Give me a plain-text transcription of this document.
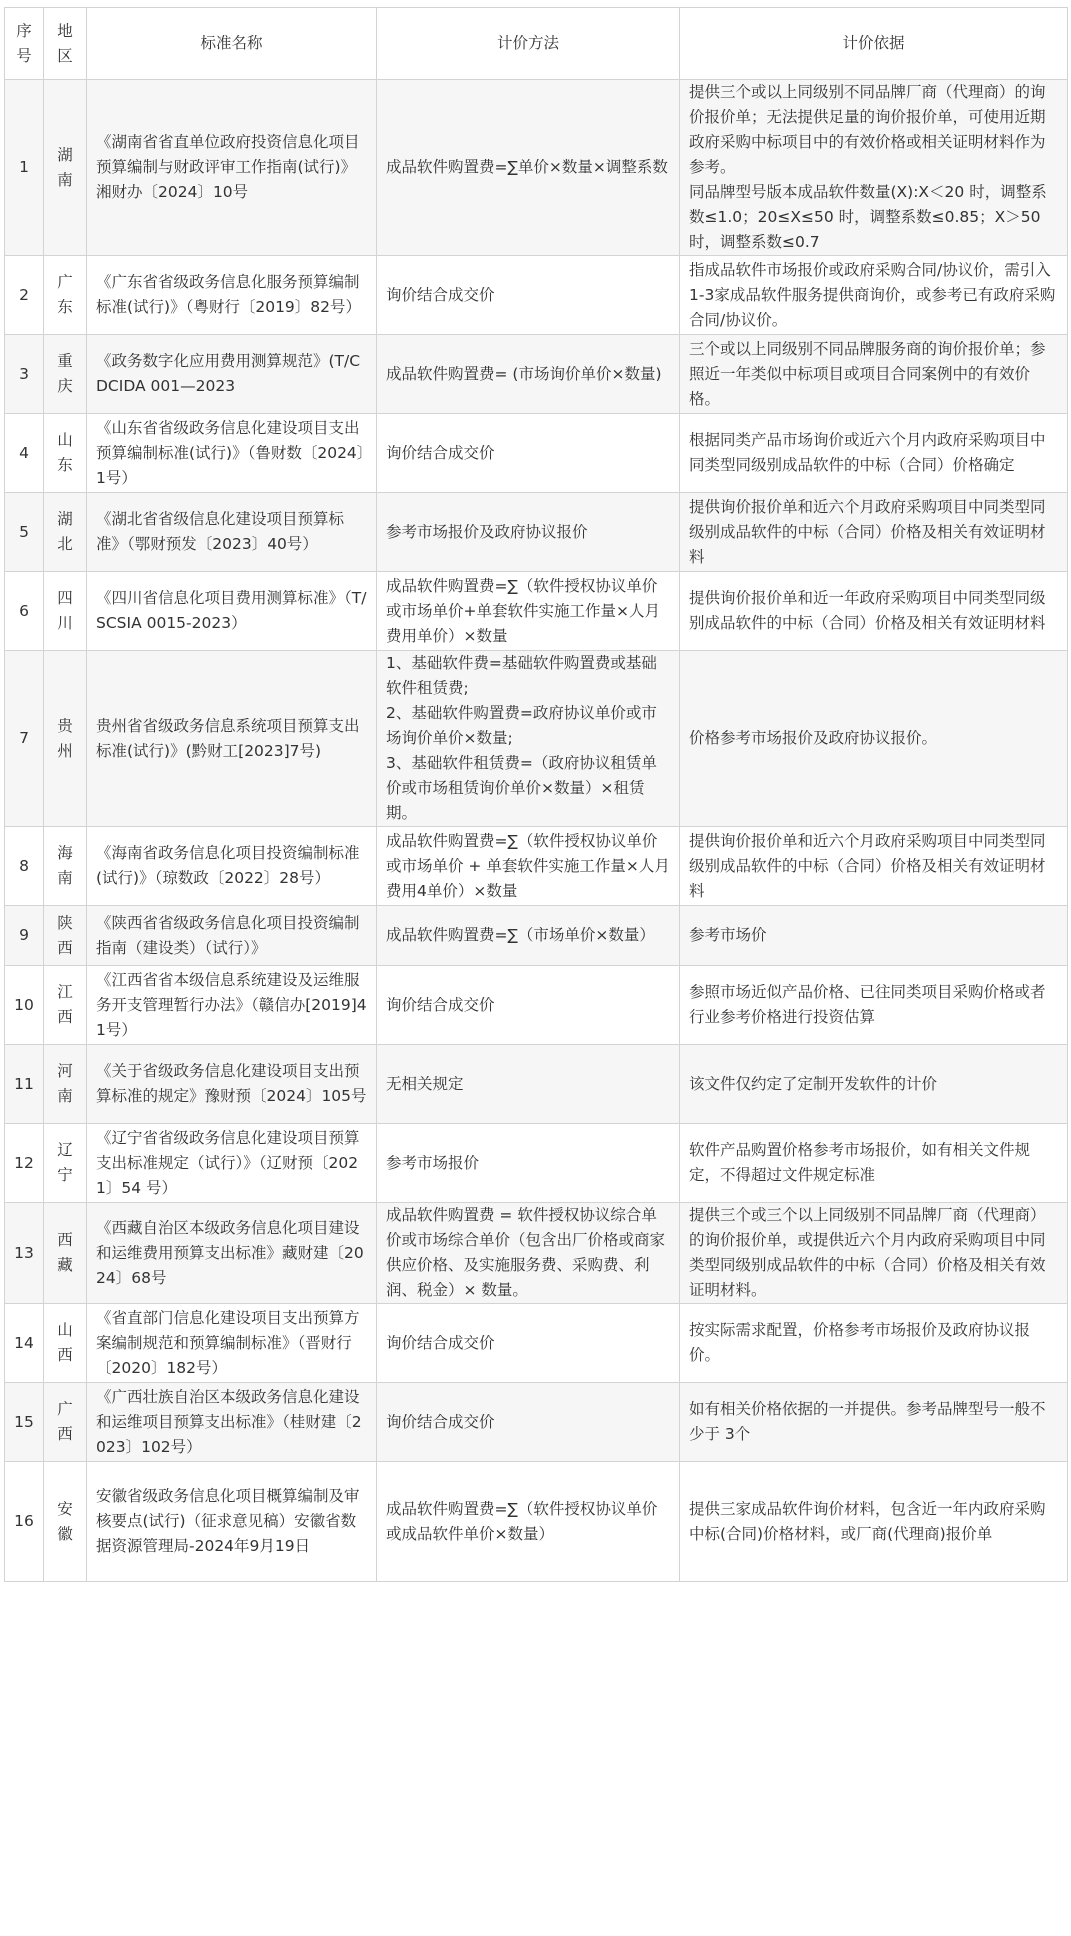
序号	地区	标准名称	计价方法	计价依据
1	湖南	《湖南省省直单位政府投资信息化项目预算编制与财政评审工作指南(试行)》湘财办〔2024〕10号	成品软件购置费=∑单价×数量×调整系数	提供三个或以上同级别不同品牌厂商（代理商）的询价报价单；无法提供足量的询价报价单，可使用近期政府采购中标项目中的有效价格或相关证明材料作为参考。
同品牌型号版本成品软件数量(X):X＜20 时，调整系数≤1.0；20≤X≤50 时，调整系数≤0.85；X＞50 时，调整系数≤0.7

2	广东	《广东省省级政务信息化服务预算编制标准(试行)》（粤财行〔2019〕82号）	询价结合成交价	指成品软件市场报价或政府采购合同/协议价，需引入1-3家成品软件服务提供商询价，或参考已有政府采购合同/协议价。
3	重庆	《政务数字化应用费用测算规范》(T/CDCIDA 001—2023	成品软件购置费= (市场询价单价×数量)	三个或以上同级别不同品牌服务商的询价报价单；参照近一年类似中标项目或项目合同案例中的有效价格。
4	山东	《山东省省级政务信息化建设项目支出预算编制标准(试行)》（鲁财数〔2024〕1号）	询价结合成交价	根据同类产品市场询价或近六个月内政府采购项目中同类型同级别成品软件的中标（合同）价格确定
5	湖北	《湖北省省级信息化建设项目预算标准》（鄂财预发〔2023〕40号）	参考市场报价及政府协议报价	提供询价报价单和近六个月政府采购项目中同类型同级别成品软件的中标（合同）价格及相关有效证明材料
6	四川	《四川省信息化项目费用测算标准》（T/SCSIA 0015-2023）	成品软件购置费=∑（软件授权协议单价或市场单价+单套软件实施工作量×人月费用单价）×数量	提供询价报价单和近一年政府采购项目中同类型同级别成品软件的中标（合同）价格及相关有效证明材料
7	贵州	贵州省省级政务信息系统项目预算支出标准(试行)》(黔财工[2023]7号)	1、基础软件费=基础软件购置费或基础软件租赁费;
2、基础软件购置费=政府协议单价或市场询价单价×数量;
3、基础软件租赁费=（政府协议租赁单价或市场租赁询价单价×数量）×租赁期。	价格参考市场报价及政府协议报价。
8	海南	《海南省政务信息化项目投资编制标准(试行)》（琼数政〔2022〕28号）	成品软件购置费=∑（软件授权协议单价或市场单价 + 单套软件实施工作量×人月费用4单价）×数量	提供询价报价单和近六个月政府采购项目中同类型同级别成品软件的中标（合同）价格及相关有效证明材料
9	陕西	《陕西省省级政务信息化项目投资编制指南（建设类）（试行）》	成品软件购置费=∑（市场单价×数量）	参考市场价
10	江西	《江西省省本级信息系统建设及运维服务开支管理暂行办法》（赣信办[2019]41号）	询价结合成交价	参照市场近似产品价格、已往同类项目采购价格或者行业参考价格进行投资估算
11	河南	《关于省级政务信息化建设项目支出预算标准的规定》豫财预〔2024〕105号	无相关规定	该文件仅约定了定制开发软件的计价
12	辽宁	《辽宁省省级政务信息化建设项目预算支出标准规定（试行）》（辽财预〔2021〕54 号）	参考市场报价	软件产品购置价格参考市场报价，如有相关文件规定，不得超过文件规定标准
13	西藏	《西藏自治区本级政务信息化项目建设和运维费用预算支出标准》藏财建〔2024〕68号	成品软件购置费 = 软件授权协议综合单价或市场综合单价（包含出厂价格或商家供应价格、及实施服务费、采购费、利润、税金）× 数量。	提供三个或三个以上同级别不同品牌厂商（代理商）的询价报价单，或提供近六个月内政府采购项目中同类型同级别成品软件的中标（合同）价格及相关有效证明材料。
14	山西	《省直部门信息化建设项目支出预算方案编制规范和预算编制标准》（晋财行〔2020〕182号）	询价结合成交价	按实际需求配置，价格参考市场报价及政府协议报价。
15	广西	《广西壮族自治区本级政务信息化建设和运维项目预算支出标准》（桂财建〔2023〕102号）	询价结合成交价	如有相关价格依据的一并提供。参考品牌型号一般不少于 3个
16	安徽	安徽省级政务信息化项目概算编制及审核要点(试行)（征求意见稿）安徽省数据资源管理局-2024年9月19日	成品软件购置费=∑（软件授权协议单价或成品软件单价×数量）	提供三家成品软件询价材料，包含近一年内政府采购中标(合同)价格材料，或厂商(代理商)报价单
